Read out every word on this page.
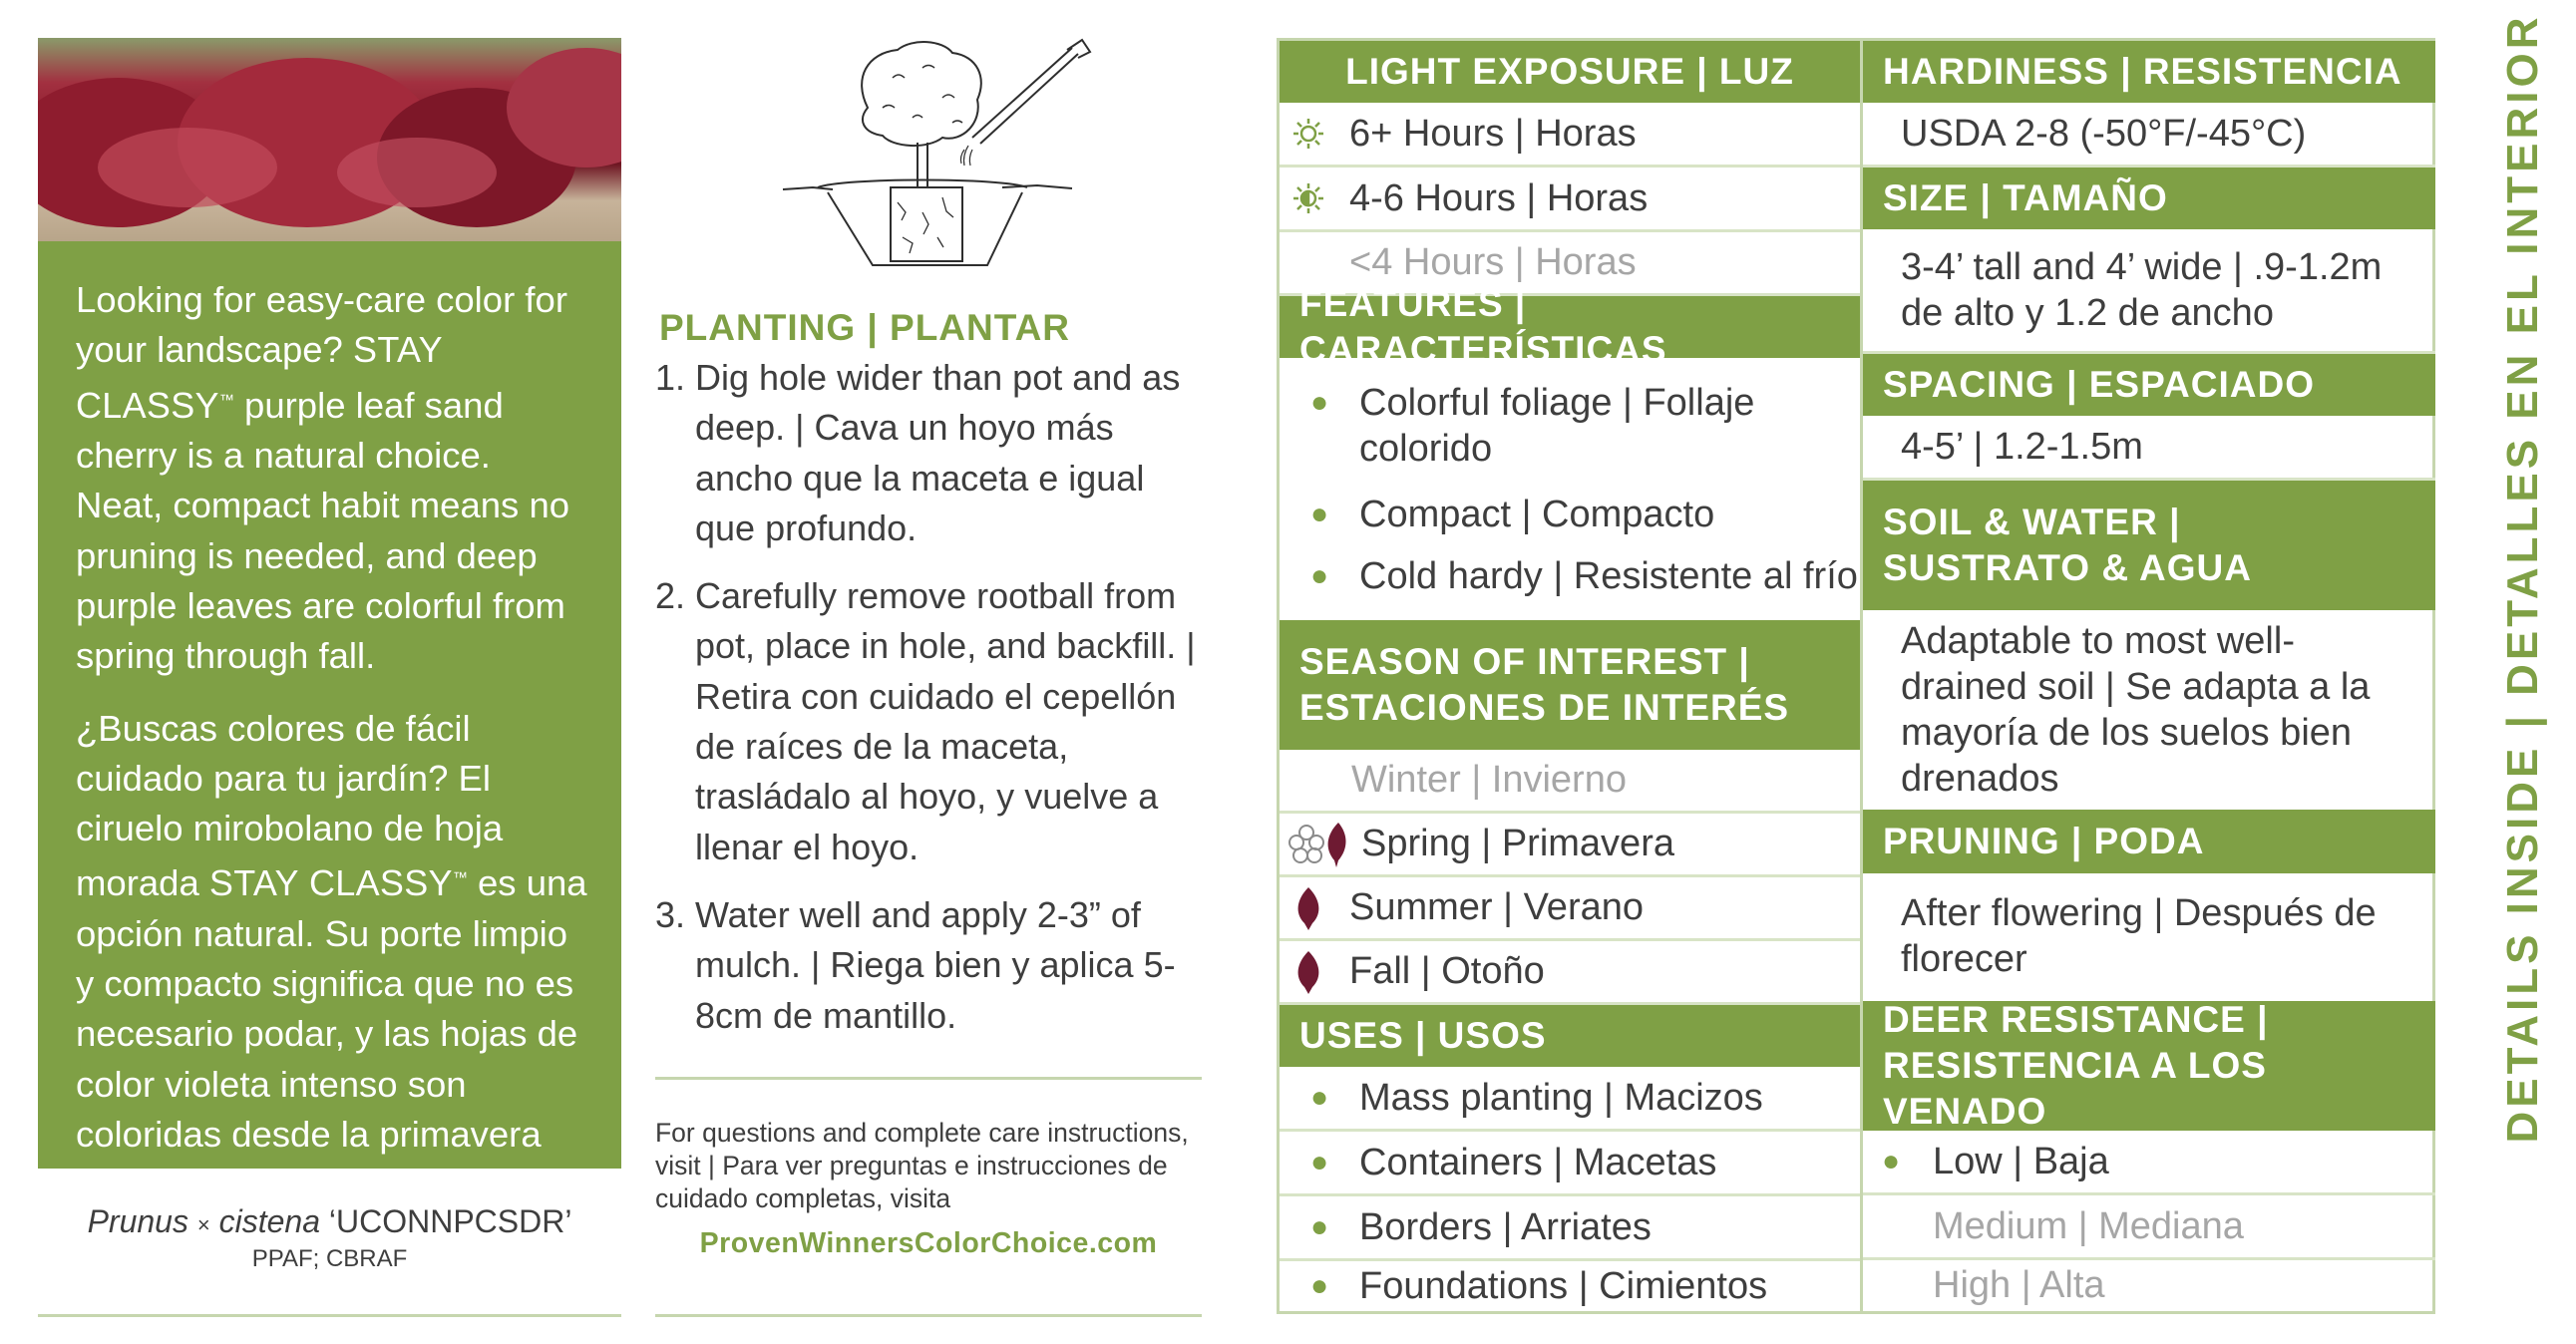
Looking for easy-care color for your landscape? STAY CLASSY™ purple leaf sand cherry is a natural choice. Neat, compact habit means no pruning is needed, and deep purple leaves are colorful from spring through fall.

¿Buscas colores de fácil cuidado para tu jardín? El ciruelo mirobolano de hoja morada STAY CLASSY™ es una opción natural. Su porte limpio y compacto significa que no es necesario podar, y las hojas de color violeta intenso son coloridas desde la primavera hasta el otoño.

Prunus × cistena ‘UCONNPCSDR’
PPAF; CBRAF
PLANTING | PLANTAR
1. Dig hole wider than pot and as deep. | Cava un hoyo más ancho que la maceta e igual que profundo.
2. Carefully remove rootball from pot, place in hole, and backfill. | Retira con cuidado el cepellón de raíces de la maceta, trasládalo al hoyo, y vuelve a llenar el hoyo.
3. Water well and apply 2-3” of mulch. | Riega bien y aplica 5-8cm de mantillo.
For questions and complete care instructions, visit | Para ver preguntas e instrucciones de cuidado completas, visita
ProvenWinnersColorChoice.com
LIGHT EXPOSURE | LUZ
6+ Hours | Horas
4-6 Hours | Horas
<4 Hours | Horas
FEATURES | CARACTERÍSTICAS
● Colorful foliage | Follaje colorido
● Compact | Compacto
● Cold hardy | Resistente al frío
SEASON OF INTEREST |
ESTACIONES DE INTERÉS
Winter | Invierno
Spring | Primavera
Summer | Verano
Fall | Otoño
USES | USOS
● Mass planting | Macizos
● Containers | Macetas
● Borders | Arriates
● Foundations | Cimientos
HARDINESS | RESISTENCIA
USDA 2-8 (-50°F/-45°C)
SIZE | TAMAÑO
3-4’ tall and 4’ wide | .9-1.2m de alto y 1.2 de ancho
SPACING | ESPACIADO
4-5’ | 1.2-1.5m
SOIL & WATER |
SUSTRATO & AGUA
Adaptable to most well-drained soil | Se adapta a la mayoría de los suelos bien drenados
PRUNING | PODA
After flowering | Después de florecer
DEER RESISTANCE |
RESISTENCIA A LOS VENADO
● Low | Baja
Medium | Mediana
High | Alta
DETAILS INSIDE | DETALLES EN EL INTERIOR
